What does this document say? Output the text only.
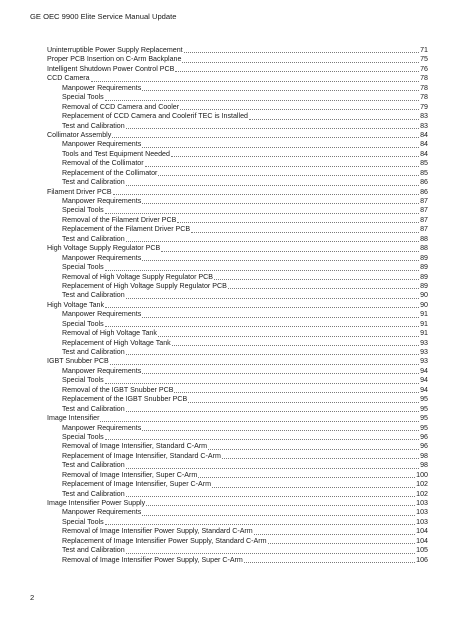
GE OEC 9900 Elite Service Manual Update
Uninterruptible Power Supply Replacement	71
Proper PCB Insertion on C-Arm Backplane	75
Intelligent Shutdown Power Control PCB	76
CCD Camera	78
Manpower Requirements	78
Special Tools	78
Removal of CCD Camera and Cooler	79
Replacement of CCD Camera and Coolerif TEC is Installed	83
Test and Calibration	83
Collimator Assembly	84
Manpower Requirements	84
Tools and Test Equipment Needed	84
Removal of the Collimator	85
Replacement of the Collimator	85
Test and Calibration	86
Filament Driver PCB	86
Manpower Requirements	87
Special Tools	87
Removal of the Filament Driver PCB	87
Replacement of the Filament Driver PCB	87
Test and Calibration	88
High Voltage Supply Regulator PCB	88
Manpower Requirements	89
Special Tools	89
Removal of High Voltage Supply Regulator PCB	89
Replacement of High Voltage Supply Regulator PCB	89
Test and Calibration	90
High Voltage Tank	90
Manpower Requirements	91
Special Tools	91
Removal of High Voltage Tank	91
Replacement of High Voltage Tank	93
Test and Calibration	93
IGBT Snubber PCB	93
Manpower Requirements	94
Special Tools	94
Removal of the IGBT Snubber PCB	94
Replacement of the IGBT Snubber PCB	95
Test and Calibration	95
Image Intensifier	95
Manpower Requirements	95
Special Tools	96
Removal of Image Intensifier, Standard C-Arm	96
Replacement of Image Intensifier, Standard C-Arm	98
Test and Calibration	98
Removal of Image Intensifier, Super C-Arm	100
Replacement of Image Intensifier, Super C-Arm	102
Test and Calibration	102
Image Intensifier Power Supply	103
Manpower Requirements	103
Special Tools	103
Removal of Image Intensifier Power Supply, Standard C-Arm	104
Replacement of Image Intensifier Power Supply, Standard C-Arm	104
Test and Calibration	105
Removal of Image Intensifier Power Supply, Super C-Arm	106
2
